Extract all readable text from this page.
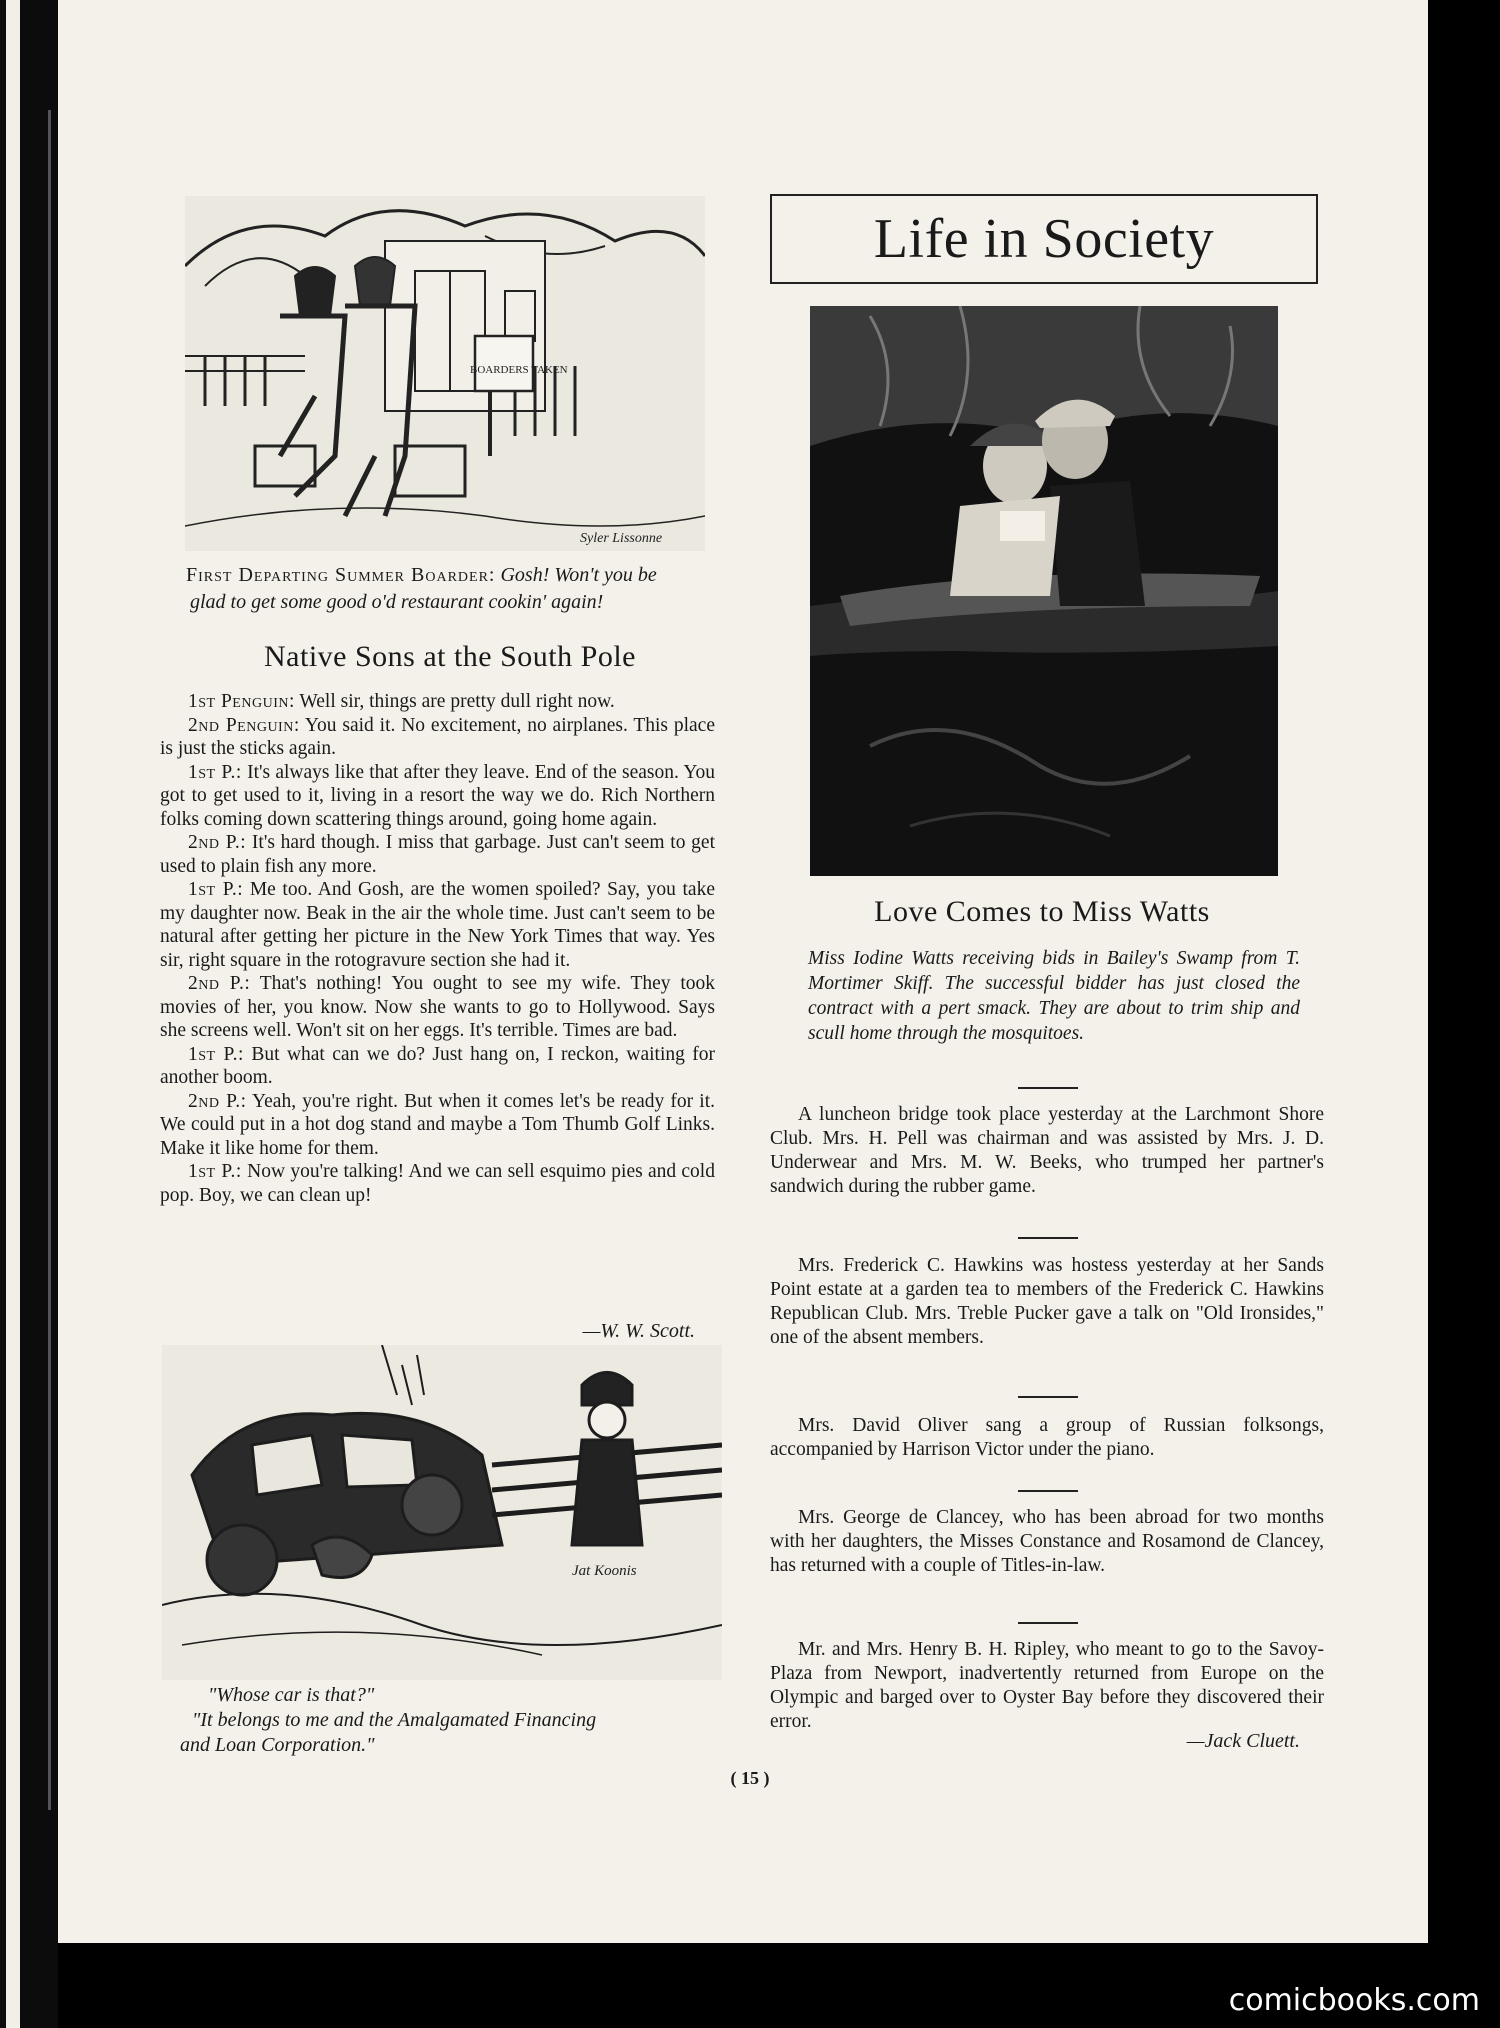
BOARDERS TAKEN
Syler Lissonne
First Departing Summer Boarder: Gosh! Won't you be
glad to get some good o'd restaurant cookin' again!
Native Sons at the South Pole

1st Penguin: Well sir, things are pretty dull right now.

2nd Penguin: You said it. No excitement, no airplanes. This place is just the sticks again.

1st P.: It's always like that after they leave. End of the season. You got to get used to it, living in a resort the way we do. Rich Northern folks coming down scattering things around, going home again.

2nd P.: It's hard though. I miss that garbage. Just can't seem to get used to plain fish any more.

1st P.: Me too. And Gosh, are the women spoiled? Say, you take my daughter now. Beak in the air the whole time. Just can't seem to be natural after getting her picture in the New York Times that way. Yes sir, right square in the rotogravure section she had it.

2nd P.: That's nothing! You ought to see my wife. They took movies of her, you know. Now she wants to go to Hollywood. Says she screens well. Won't sit on her eggs. It's terrible. Times are bad.

1st P.: But what can we do? Just hang on, I reckon, waiting for another boom.

2nd P.: Yeah, you're right. But when it comes let's be ready for it. We could put in a hot dog stand and maybe a Tom Thumb Golf Links. Make it like home for them.

1st P.: Now you're talking! And we can sell esquimo pies and cold pop. Boy, we can clean up!

—W. W. Scott.
Jat Koonis
"Whose car is that?"
"It belongs to me and the Amalgamated Financing
and Loan Corporation."
Life in Society
Love Comes to Miss Watts
Miss Iodine Watts receiving bids in Bailey's Swamp from T. Mortimer Skiff. The successful bidder has just closed the contract with a pert smack. They are about to trim ship and scull home through the mosquitoes.

A luncheon bridge took place yesterday at the Larchmont Shore Club. Mrs. H. Pell was chairman and was assisted by Mrs. J. D. Underwear and Mrs. M. W. Beeks, who trumped her partner's sandwich during the rubber game.

Mrs. Frederick C. Hawkins was hostess yesterday at her Sands Point estate at a garden tea to members of the Frederick C. Hawkins Republican Club. Mrs. Treble Pucker gave a talk on "Old Ironsides," one of the absent members.

Mrs. David Oliver sang a group of Russian folksongs, accompanied by Harrison Victor under the piano.

Mrs. George de Clancey, who has been abroad for two months with her daughters, the Misses Constance and Rosamond de Clancey, has returned with a couple of Titles-in-law.

Mr. and Mrs. Henry B. H. Ripley, who meant to go to the Savoy-Plaza from Newport, inadvertently returned from Europe on the Olympic and barged over to Oyster Bay before they discovered their error.

—Jack Cluett.
( 15 )
comicbooks.com
